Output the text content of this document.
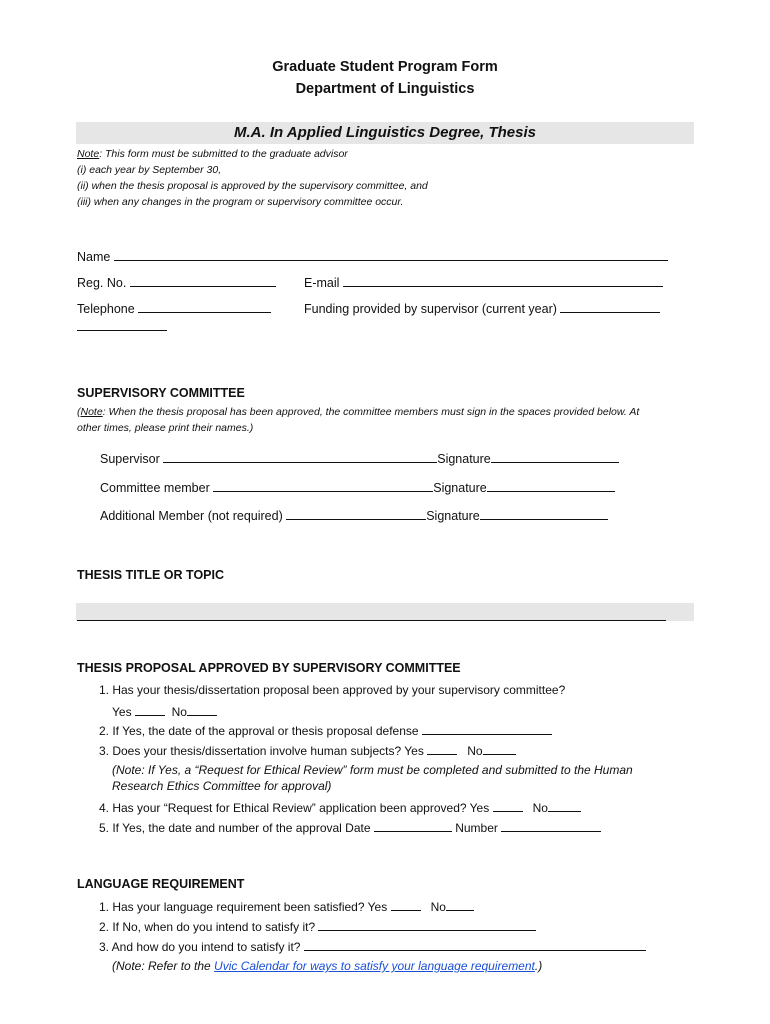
Graduate Student Program Form
Department of Linguistics
M.A. In Applied Linguistics Degree, Thesis
Note: This form must be submitted to the graduate advisor
(i) each year by September 30,
(ii) when the thesis proposal is approved by the supervisory committee, and
(iii) when any changes in the program or supervisory committee occur.
Name
Reg. No.	E-mail
Telephone	Funding provided by supervisor (current year)
SUPERVISORY COMMITTEE
(Note: When the thesis proposal has been approved, the committee members must sign in the spaces provided below. At
other times, please print their names.)
Supervisor	Signature
Committee member	Signature
Additional Member (not required)	Signature
THESIS TITLE OR TOPIC
THESIS PROPOSAL APPROVED BY SUPERVISORY COMMITTEE
1. Has your thesis/dissertation proposal been approved by your supervisory committee?
Yes	No
2. If Yes, the date of the approval or thesis proposal defense
3. Does your thesis/dissertation involve human subjects? Yes	No
(Note: If Yes, a “Request for Ethical Review” form must be completed and submitted to the Human
Research Ethics Committee for approval)
4. Has your “Request for Ethical Review” application been approved? Yes	No
5. If Yes, the date and number of the approval Date	Number
LANGUAGE REQUIREMENT
1. Has your language requirement been satisfied? Yes	No
2. If No, when do you intend to satisfy it?
3. And how do you intend to satisfy it?
(Note: Refer to the Uvic Calendar for ways to satisfy your language requirement.)
